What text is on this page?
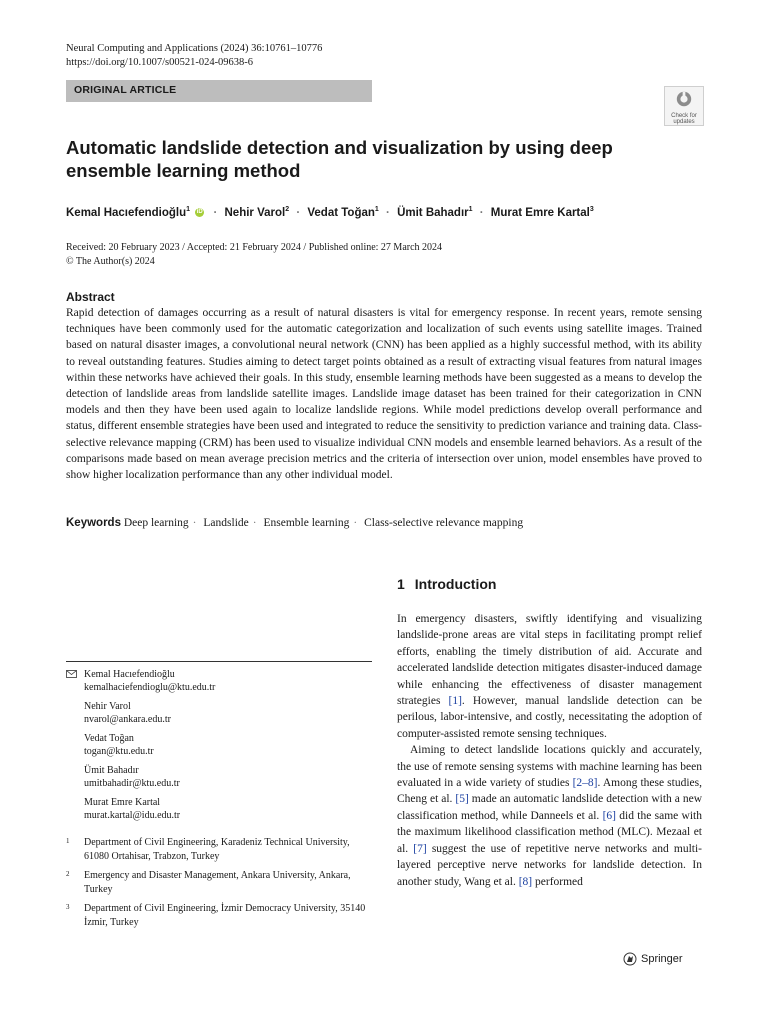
Neural Computing and Applications (2024) 36:10761–10776
https://doi.org/10.1007/s00521-024-09638-6
ORIGINAL ARTICLE
Check for
updates
Automatic landslide detection and visualization by using deep ensemble learning method
Kemal Hacıefendioğlu$^1$ iD · Nehir Varol$^2$ · Vedat Toğan$^1$ · Ümit Bahadır$^1$ · Murat Emre Kartal$^3$
Received: 20 February 2023 / Accepted: 21 February 2024 / Published online: 27 March 2024
© The Author(s) 2024
Abstract

Rapid detection of damages occurring as a result of natural disasters is vital for emergency response. In recent years, remote sensing techniques have been commonly used for the automatic categorization and localization of such events using satellite images. Trained based on natural disaster images, a convolutional neural network (CNN) has been applied as a highly successful method, with its ability to reveal outstanding features. Studies aiming to detect target points obtained as a result of extracting visual features from natural images within these networks have achieved their goals. In this study, ensemble learning methods have been suggested as a means to develop the detection of landslide areas from landslide satellite images. Landslide image dataset has been trained for their categorization in CNN models and then they have been used again to localize landslide regions. While model predictions develop overall performance and status, different ensemble strategies have been used and integrated to reduce the sensitivity to prediction variance and training data. Class-selective relevance mapping (CRM) has been used to visualize individual CNN models and ensemble learned behaviors. As a result of the comparisons made based on mean average precision metrics and the criteria of intersection over union, model ensembles have proved to show higher localization performance than any other individual model.

Keywords Deep learning · Landslide · Ensemble learning · Class-selective relevance mapping
1 Introduction

In emergency disasters, swiftly identifying and visualizing landslide-prone areas are vital steps in facilitating prompt relief efforts, enabling the timely distribution of aid. Accurate and accelerated landslide detection mitigates disaster-induced damage while enhancing the effectiveness of disaster management strategies [1]. However, manual landslide detection can be perilous, labor-intensive, and costly, necessitating the adoption of computer-assisted remote sensing techniques.

Aiming to detect landslide locations quickly and accurately, the use of remote sensing systems with machine learning has been evaluated in a wide variety of studies [2–8]. Among these studies, Cheng et al. [5] made an automatic landslide detection with a new classification method, while Danneels et al. [6] did the same with the maximum likelihood classification method (MLC). Mezaal et al. [7] suggest the use of repetitive nerve networks and multi-layered perceptive nerve networks for landslide detection. In another study, Wang et al. [8] performed

Kemal Hacıefendioğlu
kemalhaciefendioglu@ktu.edu.tr
Nehir Varol
nvarol@ankara.edu.tr
Vedat Toğan
togan@ktu.edu.tr
Ümit Bahadır
umitbahadir@ktu.edu.tr
Murat Emre Kartal
murat.kartal@idu.edu.tr
1 Department of Civil Engineering, Karadeniz Technical University, 61080 Ortahisar, Trabzon, Turkey
2 Emergency and Disaster Management, Ankara University, Ankara, Turkey
3 Department of Civil Engineering, İzmir Democracy University, 35140 İzmir, Turkey
Springer
